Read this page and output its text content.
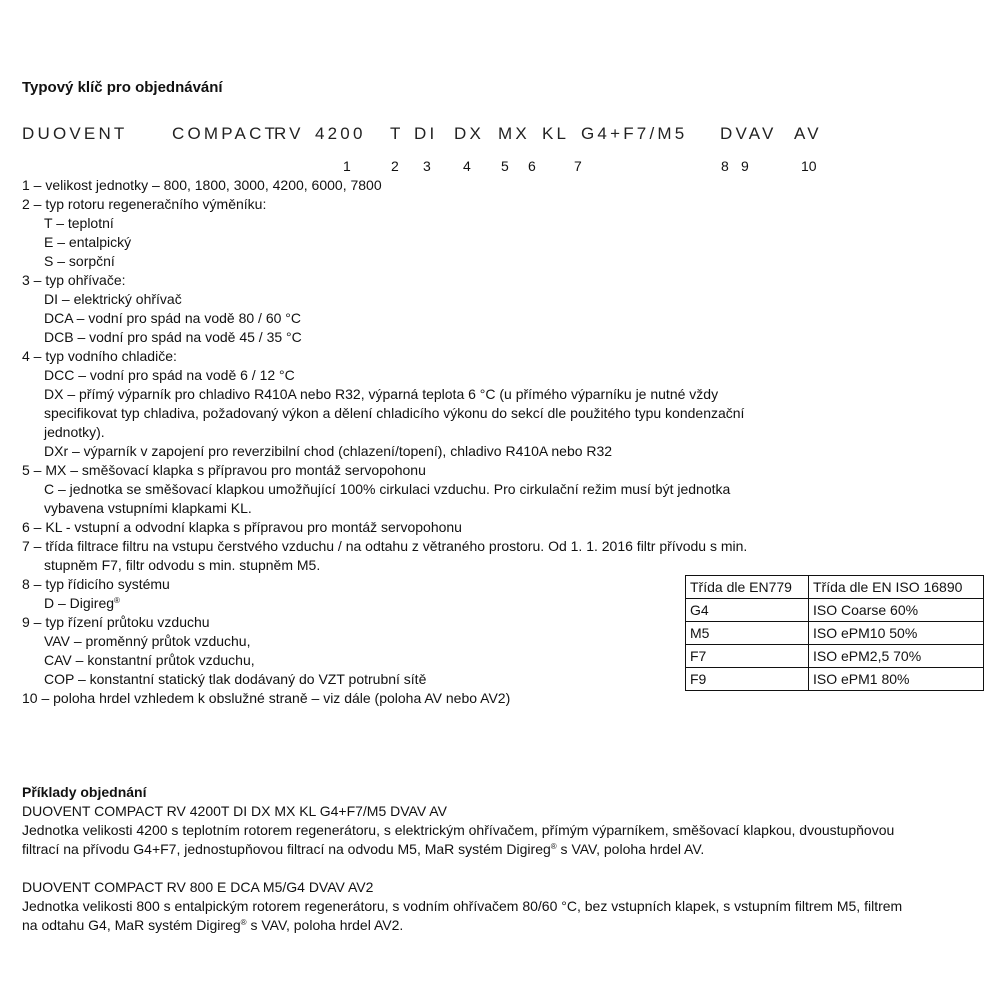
Typový klíč pro objednávání
DUOVENT	COMPACT
RV 4200 T DI DX MX KL G4+F7/M5 DVAV AV
1	2 3 4 5 6	7	8 9	10
1 – velikost jednotky – 800, 1800, 3000, 4200, 6000, 7800
2 – typ rotoru regeneračního výměníku:
T – teplotní
E – entalpický
S – sorpční
3 – typ ohřívače:
DI – elektrický ohřívač
DCA – vodní pro spád na vodě 80 / 60 °C
DCB – vodní pro spád na vodě 45 / 35 °C
4 – typ vodního chladiče:
DCC – vodní pro spád na vodě 6 / 12 °C
DX – přímý výparník pro chladivo R410A nebo R32, výparná teplota 6 °C (u přímého výparníku je nutné vždy
specifikovat typ chladiva, požadovaný výkon a dělení chladicího výkonu do sekcí dle použitého typu kondenzační
jednotky).
DXr – výparník v zapojení pro reverzibilní chod (chlazení/topení), chladivo R410A nebo R32
5 – MX – směšovací klapka s přípravou pro montáž servopohonu
C – jednotka se směšovací klapkou umožňující 100% cirkulaci vzduchu. Pro cirkulační režim musí být jednotka
vybavena vstupními klapkami KL.
6 – KL - vstupní a odvodní klapka s přípravou pro montáž servopohonu
7 – třída filtrace filtru na vstupu čerstvého vzduchu / na odtahu z větraného prostoru. Od 1. 1. 2016 filtr přívodu s min.
stupněm F7, filtr odvodu s min. stupněm M5.
8 – typ řídicího systému
D – Digireg®
9 – typ řízení průtoku vzduchu
VAV – proměnný průtok vzduchu,
CAV – konstantní průtok vzduchu,
COP – konstantní statický tlak dodávaný do VZT potrubní sítě
10 – poloha hrdel vzhledem k obslužné straně – viz dále (poloha AV nebo AV2)
Třída dle EN779	Třída dle EN ISO 16890
G4	ISO Coarse 60%
M5	ISO ePM10 50%
F7	ISO ePM2,5 70%
F9	ISO ePM1 80%
Příklady objednání
DUOVENT COMPACT RV 4200T DI DX MX KL G4+F7/M5 DVAV AV
Jednotka velikosti 4200 s teplotním rotorem regenerátoru, s elektrickým ohřívačem, přímým výparníkem, směšovací klapkou, dvoustupňovou
filtrací na přívodu G4+F7, jednostupňovou filtrací na odvodu M5, MaR systém Digireg® s VAV, poloha hrdel AV.
DUOVENT COMPACT RV 800 E DCA M5/G4 DVAV AV2
Jednotka velikosti 800 s entalpickým rotorem regenerátoru, s vodním ohřívačem 80/60 °C, bez vstupních klapek, s vstupním filtrem M5, filtrem
na odtahu G4, MaR systém Digireg® s VAV, poloha hrdel AV2.
